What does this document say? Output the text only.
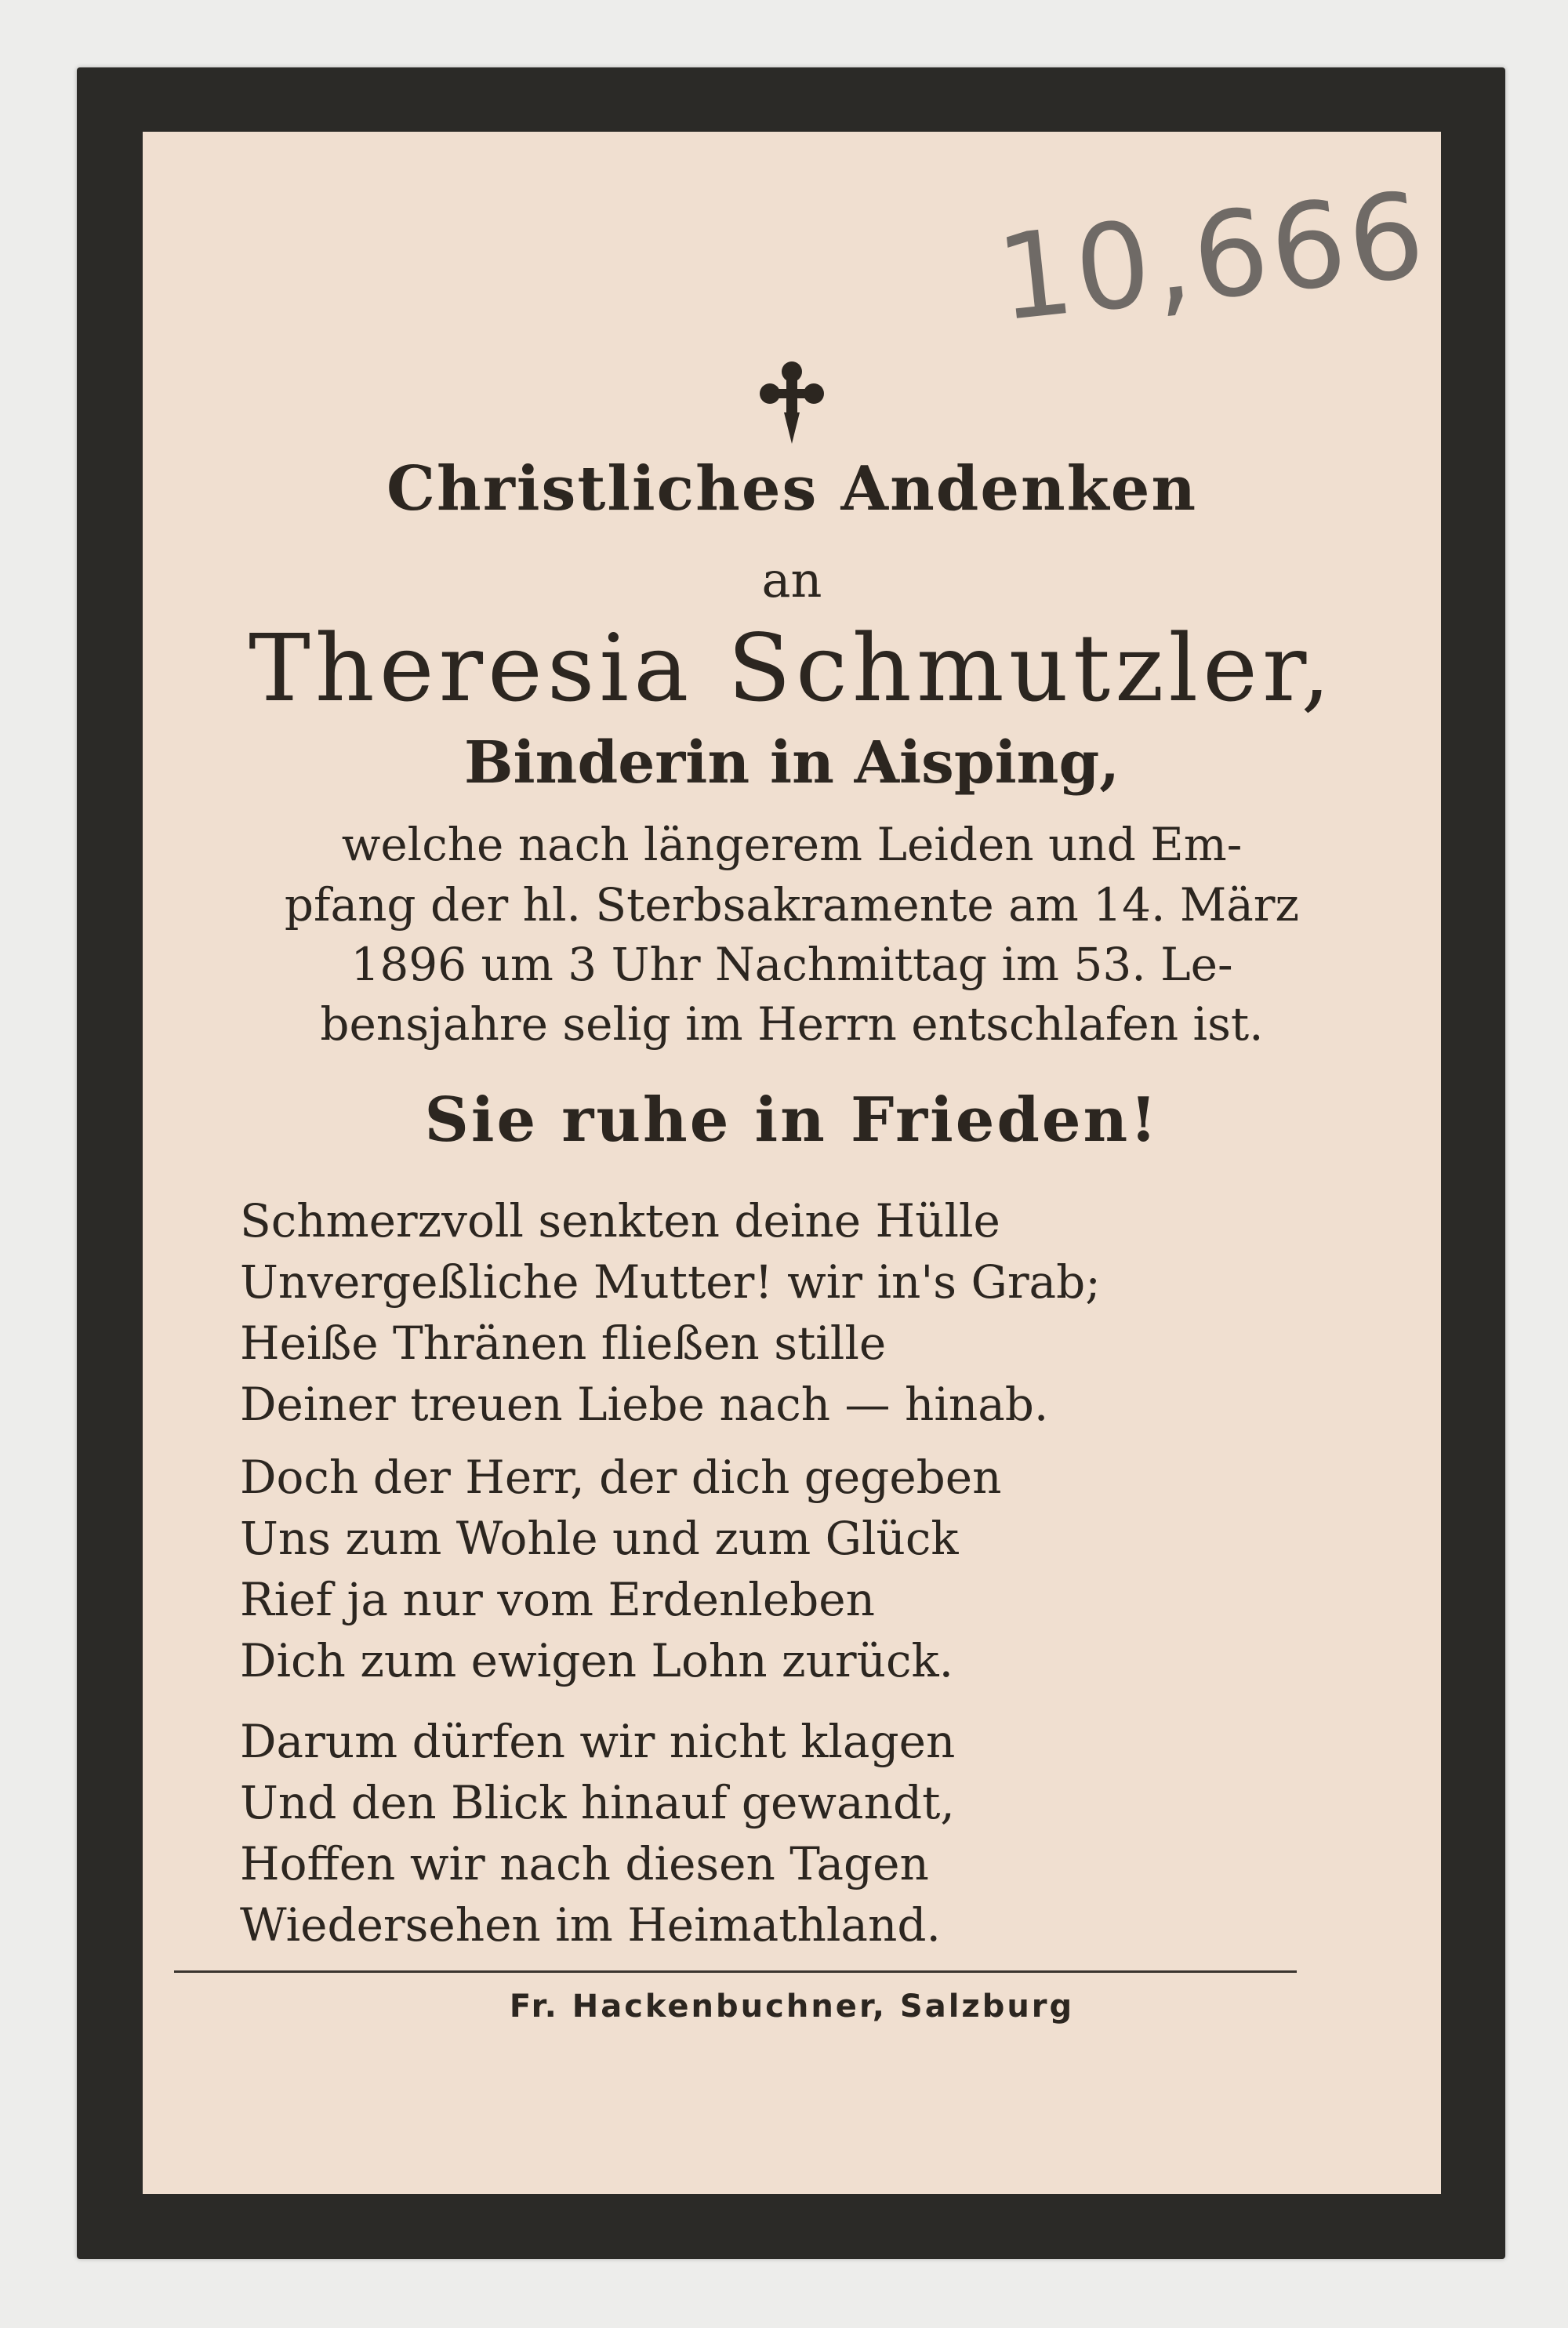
10,666
Christliches Andenken
an
Theresia Schmutzler,
Binderin in Aisping,
welche nach längerem Leiden und Em-
pfang der hl. Sterbsakramente am 14. März
1896 um 3 Uhr Nachmittag im 53. Le-
bensjahre selig im Herrn entschlafen ist.
Sie ruhe in Frieden!
Schmerzvoll senkten deine Hülle
Unvergeßliche Mutter! wir in's Grab;
Heiße Thränen fließen stille
Deiner treuen Liebe nach — hinab.
Doch der Herr, der dich gegeben
Uns zum Wohle und zum Glück
Rief ja nur vom Erdenleben
Dich zum ewigen Lohn zurück.
Darum dürfen wir nicht klagen
Und den Blick hinauf gewandt,
Hoffen wir nach diesen Tagen
Wiedersehen im Heimathland.
Fr. Hackenbuchner, Salzburg
